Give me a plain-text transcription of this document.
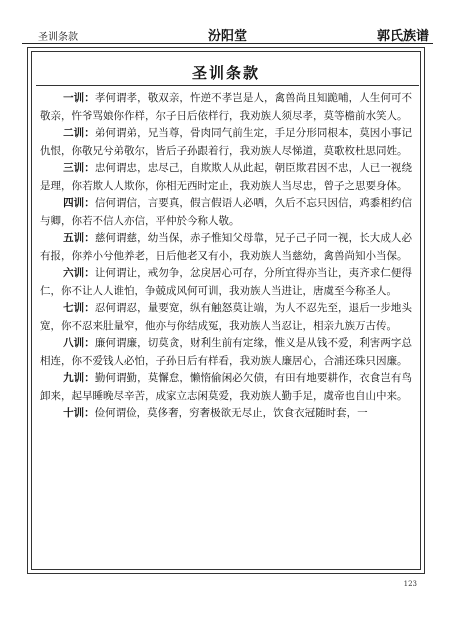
圣训条款	汾阳堂	郭氏族谱
圣训条款

一训：孝何谓孝，敬双亲，忤逆不孝岂是人，禽兽尚且知跪哺，人生何可不敬亲，忤爷骂娘你作样，尔子日后依样行，我劝族人须尽孝，莫等檐前水笑人。

二训：弟何谓弟，兄当尊，骨肉同气前生定，手足分形同根本，莫因小事记仇恨，你敬兄兮弟敬尔，皆后子孙跟着行，我劝族人尽悌道，莫歌枚杜思同姓。

三训：忠何谓忠，忠尽己，自欺欺人从此起，朝臣欺君因不忠，人已一视绕是理，你若欺人人欺你，你相无西时定止，我劝族人当尽忠，曾子之思要身体。

四训：信何谓信，言要真，假言假语人必哂，久后不忘只因信，鸡黍相约信与卿，你若不信人亦信，平仲於今称人敬。

五训：慈何谓慈，幼当保，赤子惟知父母靠，兄子己子同一视，长大成人必有报，你养小兮他养老，日后他老又有小，我劝族人当慈幼，禽兽尚知小当保。

六训：让何谓让，戒勿争，忿戾居心可存，分所宜得亦当让，夷齐求仁便得仁，你不让人人谁怕，争兢成风何可训，我劝族人当进让，唐虞至今称圣人。

七训：忍何谓忍，量要宽，纵有触怒莫让端，为人不忍先至，退后一步地头宽，你不忍来肚量窄，他亦与你结成冤，我劝族人当忍让，相亲九族万古传。

八训：廉何谓廉，切莫贪，财利生前有定缘，惟义是从钱不爱，利害两字总相连，你不爱钱人必怕，子孙日后有样看，我劝族人廉居心，合浦还珠只因廉。

九训：勤何谓勤，莫懈怠，懒惰偷闲必欠债，有田有地要耕作，衣食岂有鸟卸来，起早睡晚尽辛苦，成家立志闲莫爱，我劝族人勤手足，虞帝也自山中来。

十训：俭何谓俭，莫侈奢，穷奢极欲无尽止，饮食衣冠随时套，一

123
